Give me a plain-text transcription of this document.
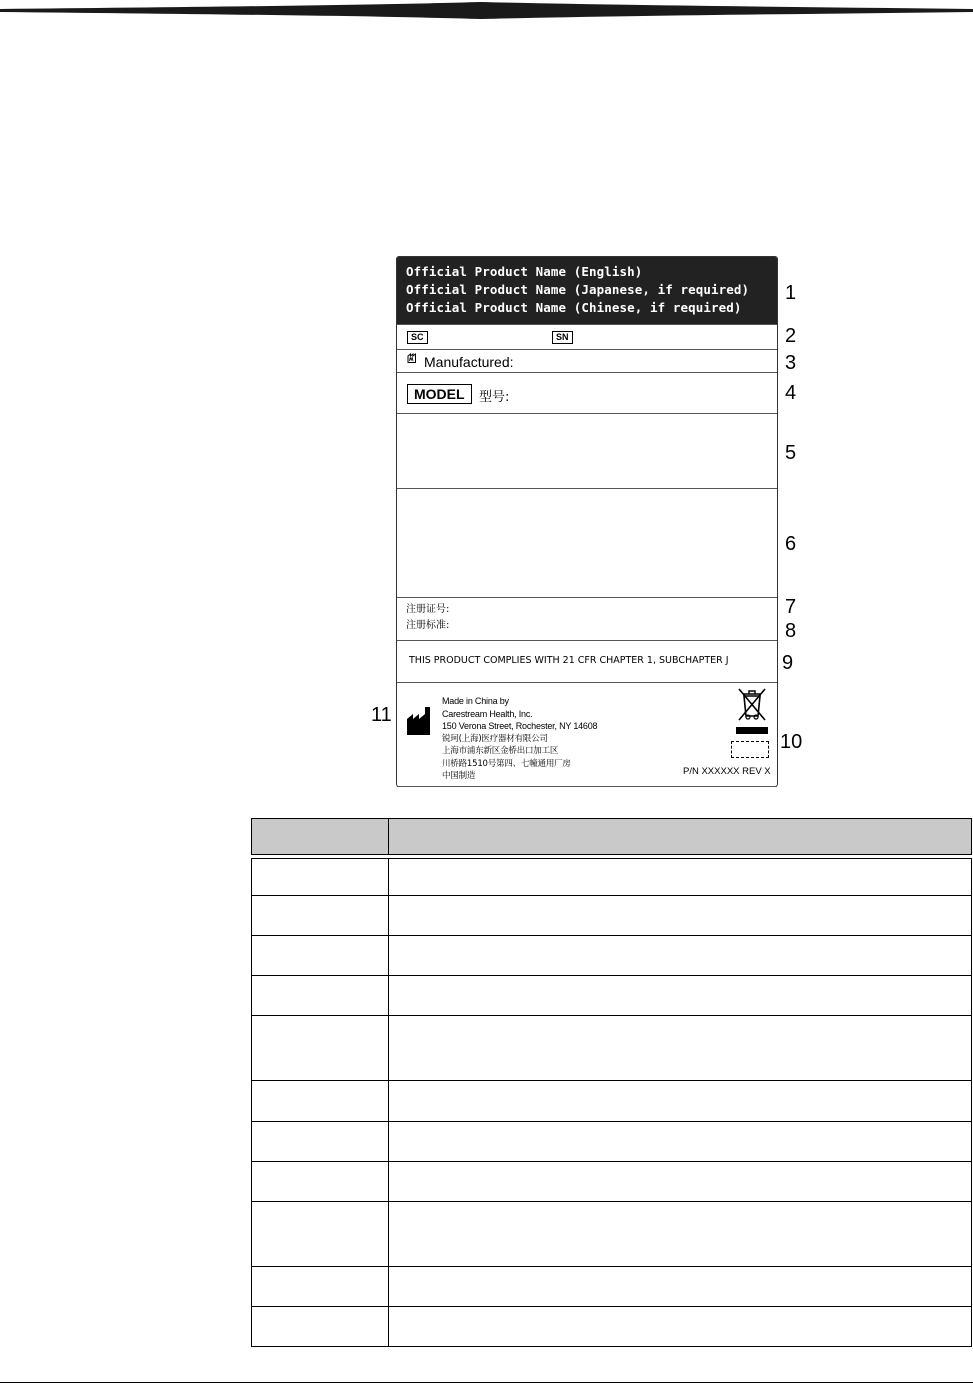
Official Product Name (English)
Official Product Name (Japanese, if required)
Official Product Name (Chinese, if required)
SC	SN
Manufactured:
MODEL	型号:
注册证号:
注册标准:
THIS PRODUCT COMPLIES WITH 21 CFR CHAPTER 1, SUBCHAPTER J
Made in China by
Carestream Health, Inc.
150 Verona Street, Rochester, NY 14608
锐珂(上海)医疗器材有限公司
上海市浦东新区金桥出口加工区
川桥路1510号第四、七幢通用厂房
中国制造	P/N XXXXXX REV X
1
2
3
4
5
6
7
8
9
10
11
